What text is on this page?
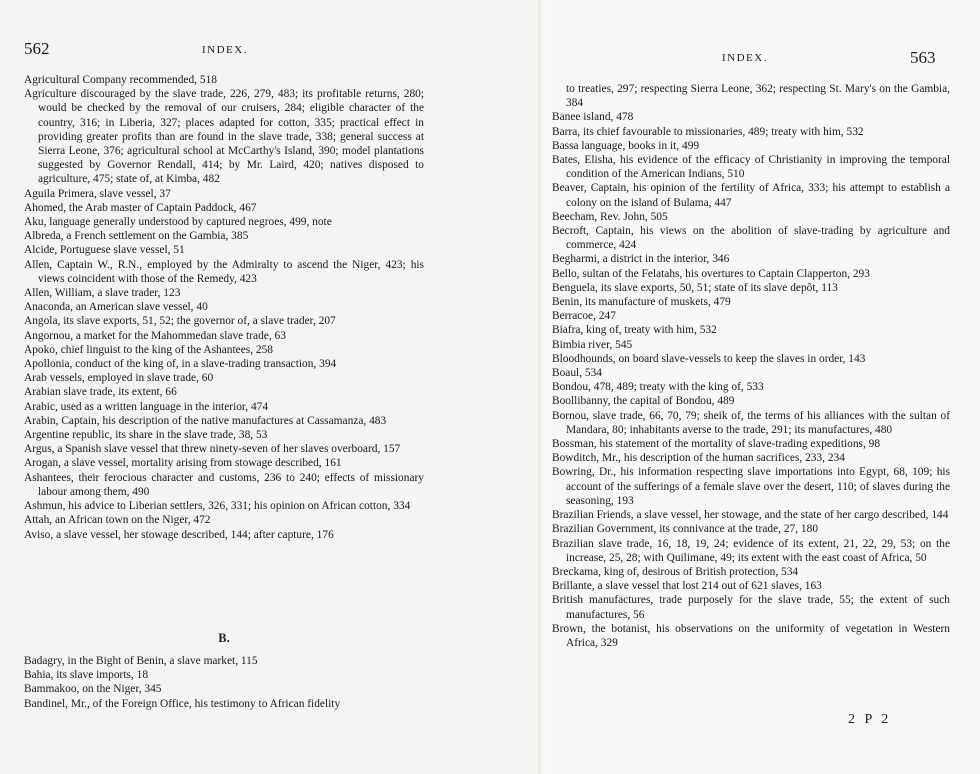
562	INDEX.
Agricultural Company recommended, 518
Agriculture discouraged by the slave trade, 226, 279, 483; its profitable returns, 280; would be checked by the removal of our cruisers, 284; eligible character of the country, 316; in Liberia, 327; places adapted for cotton, 335; practical effect in providing greater profits than are found in the slave trade, 338; general success at Sierra Leone, 376; agricultural school at McCarthy's Island, 390; model plantations suggested by Governor Rendall, 414; by Mr. Laird, 420; natives disposed to agriculture, 475; state of, at Kimba, 482
Aguila Primera, slave vessel, 37
Ahomed, the Arab master of Captain Paddock, 467
Aku, language generally understood by captured negroes, 499, note
Albreda, a French settlement on the Gambia, 385
Alcide, Portuguese slave vessel, 51
Allen, Captain W., R.N., employed by the Admiralty to ascend the Niger, 423; his views coincident with those of the Remedy, 423
Allen, William, a slave trader, 123
Anaconda, an American slave vessel, 40
Angola, its slave exports, 51, 52; the governor of, a slave trader, 207
Angornou, a market for the Mahommedan slave trade, 63
Apoko, chief linguist to the king of the Ashantees, 258
Apollonia, conduct of the king of, in a slave-trading transaction, 394
Arab vessels, employed in slave trade, 60
Arabian slave trade, its extent, 66
Arabic, used as a written language in the interior, 474
Arabin, Captain, his description of the native manufactures at Cassamanza, 483
Argentine republic, its share in the slave trade, 38, 53
Argus, a Spanish slave vessel that threw ninety-seven of her slaves overboard, 157
Arogan, a slave vessel, mortality arising from stowage described, 161
Ashantees, their ferocious character and customs, 236 to 240; effects of missionary labour among them, 490
Ashmun, his advice to Liberian settlers, 326, 331; his opinion on African cotton, 334
Attah, an African town on the Niger, 472
Aviso, a slave vessel, her stowage described, 144; after capture, 176
B.
Badagry, in the Bight of Benin, a slave market, 115
Bahia, its slave imports, 18
Bammakoo, on the Niger, 345
Bandinel, Mr., of the Foreign Office, his testimony to African fidelity
INDEX.	563
to treaties, 297; respecting Sierra Leone, 362; respecting St. Mary's on the Gambia, 384
Banee island, 478
Barra, its chief favourable to missionaries, 489; treaty with him, 532
Bassa language, books in it, 499
Bates, Elisha, his evidence of the efficacy of Christianity in improving the temporal condition of the American Indians, 510
Beaver, Captain, his opinion of the fertility of Africa, 333; his attempt to establish a colony on the island of Bulama, 447
Beecham, Rev. John, 505
Becroft, Captain, his views on the abolition of slave-trading by agriculture and commerce, 424
Begharmi, a district in the interior, 346
Bello, sultan of the Felatahs, his overtures to Captain Clapperton, 293
Benguela, its slave exports, 50, 51; state of its slave depôt, 113
Benin, its manufacture of muskets, 479
Berracoe, 247
Biafra, king of, treaty with him, 532
Bimbia river, 545
Bloodhounds, on board slave-vessels to keep the slaves in order, 143
Boaul, 534
Bondou, 478, 489; treaty with the king of, 533
Boollibanny, the capital of Bondou, 489
Bornou, slave trade, 66, 70, 79; sheik of, the terms of his alliances with the sultan of Mandara, 80; inhabitants averse to the trade, 291; its manufactures, 480
Bossman, his statement of the mortality of slave-trading expeditions, 98
Bowditch, Mr., his description of the human sacrifices, 233, 234
Bowring, Dr., his information respecting slave importations into Egypt, 68, 109; his account of the sufferings of a female slave over the desert, 110; of slaves during the seasoning, 193
Brazilian Friends, a slave vessel, her stowage, and the state of her cargo described, 144
Brazilian Government, its connivance at the trade, 27, 180
Brazilian slave trade, 16, 18, 19, 24; evidence of its extent, 21, 22, 29, 53; on the increase, 25, 28; with Quilimane, 49; its extent with the east coast of Africa, 50
Breckama, king of, desirous of British protection, 534
Brillante, a slave vessel that lost 214 out of 621 slaves, 163
British manufactures, trade purposely for the slave trade, 55; the extent of such manufactures, 56
Brown, the botanist, his observations on the uniformity of vegetation in Western Africa, 329
2 P 2
